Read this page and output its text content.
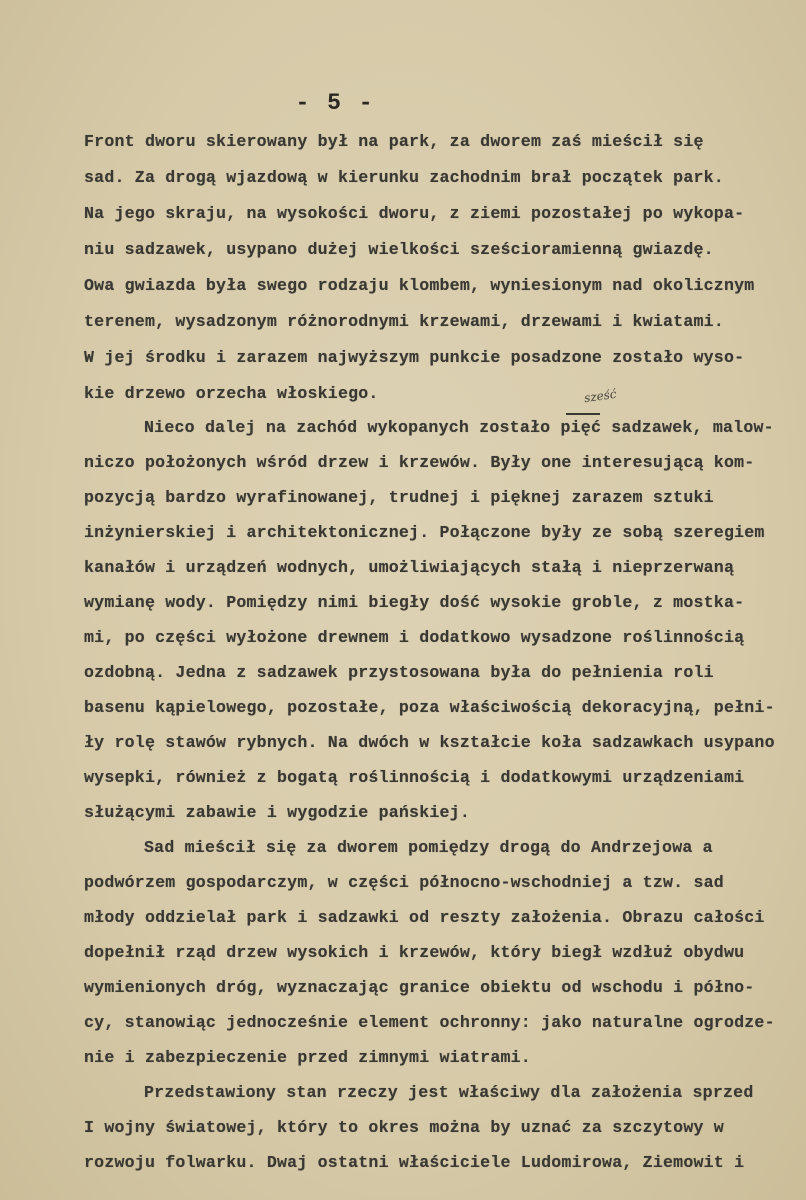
- 5 -
sześć
Front dworu skierowany był na park, za dworem zaś mieścił się
sad. Za drogą wjazdową w kierunku zachodnim brał początek park.
Na jego skraju, na wysokości dworu, z ziemi pozostałej po wykopa-
niu sadzawek, usypano dużej wielkości sześcioramienną gwiazdę.
Owa gwiazda była swego rodzaju klombem, wyniesionym nad okolicznym
terenem, wysadzonym różnorodnymi krzewami, drzewami i kwiatami.
W jej środku i zarazem najwyższym punkcie posadzone zostało wyso-
kie drzewo orzecha włoskiego.
Nieco dalej na zachód wykopanych zostało pięć sadzawek, malow-
niczo położonych wśród drzew i krzewów. Były one interesującą kom-
pozycją bardzo wyrafinowanej, trudnej i pięknej zarazem sztuki
inżynierskiej i architektonicznej. Połączone były ze sobą szeregiem
kanałów i urządzeń wodnych, umożliwiających stałą i nieprzerwaną
wymianę wody. Pomiędzy nimi biegły dość wysokie groble, z mostka-
mi, po części wyłożone drewnem i dodatkowo wysadzone roślinnością
ozdobną. Jedna z sadzawek przystosowana była do pełnienia roli
basenu kąpielowego, pozostałe, poza właściwością dekoracyjną, pełni-
ły rolę stawów rybnych. Na dwóch w kształcie koła sadzawkach usypano
wysepki, również z bogatą roślinnością i dodatkowymi urządzeniami
służącymi zabawie i wygodzie pańskiej.
Sad mieścił się za dworem pomiędzy drogą do Andrzejowa a
podwórzem gospodarczym, w części północno-wschodniej a tzw. sad
młody oddzielał park i sadzawki od reszty założenia. Obrazu całości
dopełnił rząd drzew wysokich i krzewów, który biegł wzdłuż obydwu
wymienionych dróg, wyznaczając granice obiektu od wschodu i półno-
cy, stanowiąc jednocześnie element ochronny: jako naturalne ogrodze-
nie i zabezpieczenie przed zimnymi wiatrami.
Przedstawiony stan rzeczy jest właściwy dla założenia sprzed
I wojny światowej, który to okres można by uznać za szczytowy w
rozwoju folwarku. Dwaj ostatni właściciele Ludomirowa, Ziemowit i
